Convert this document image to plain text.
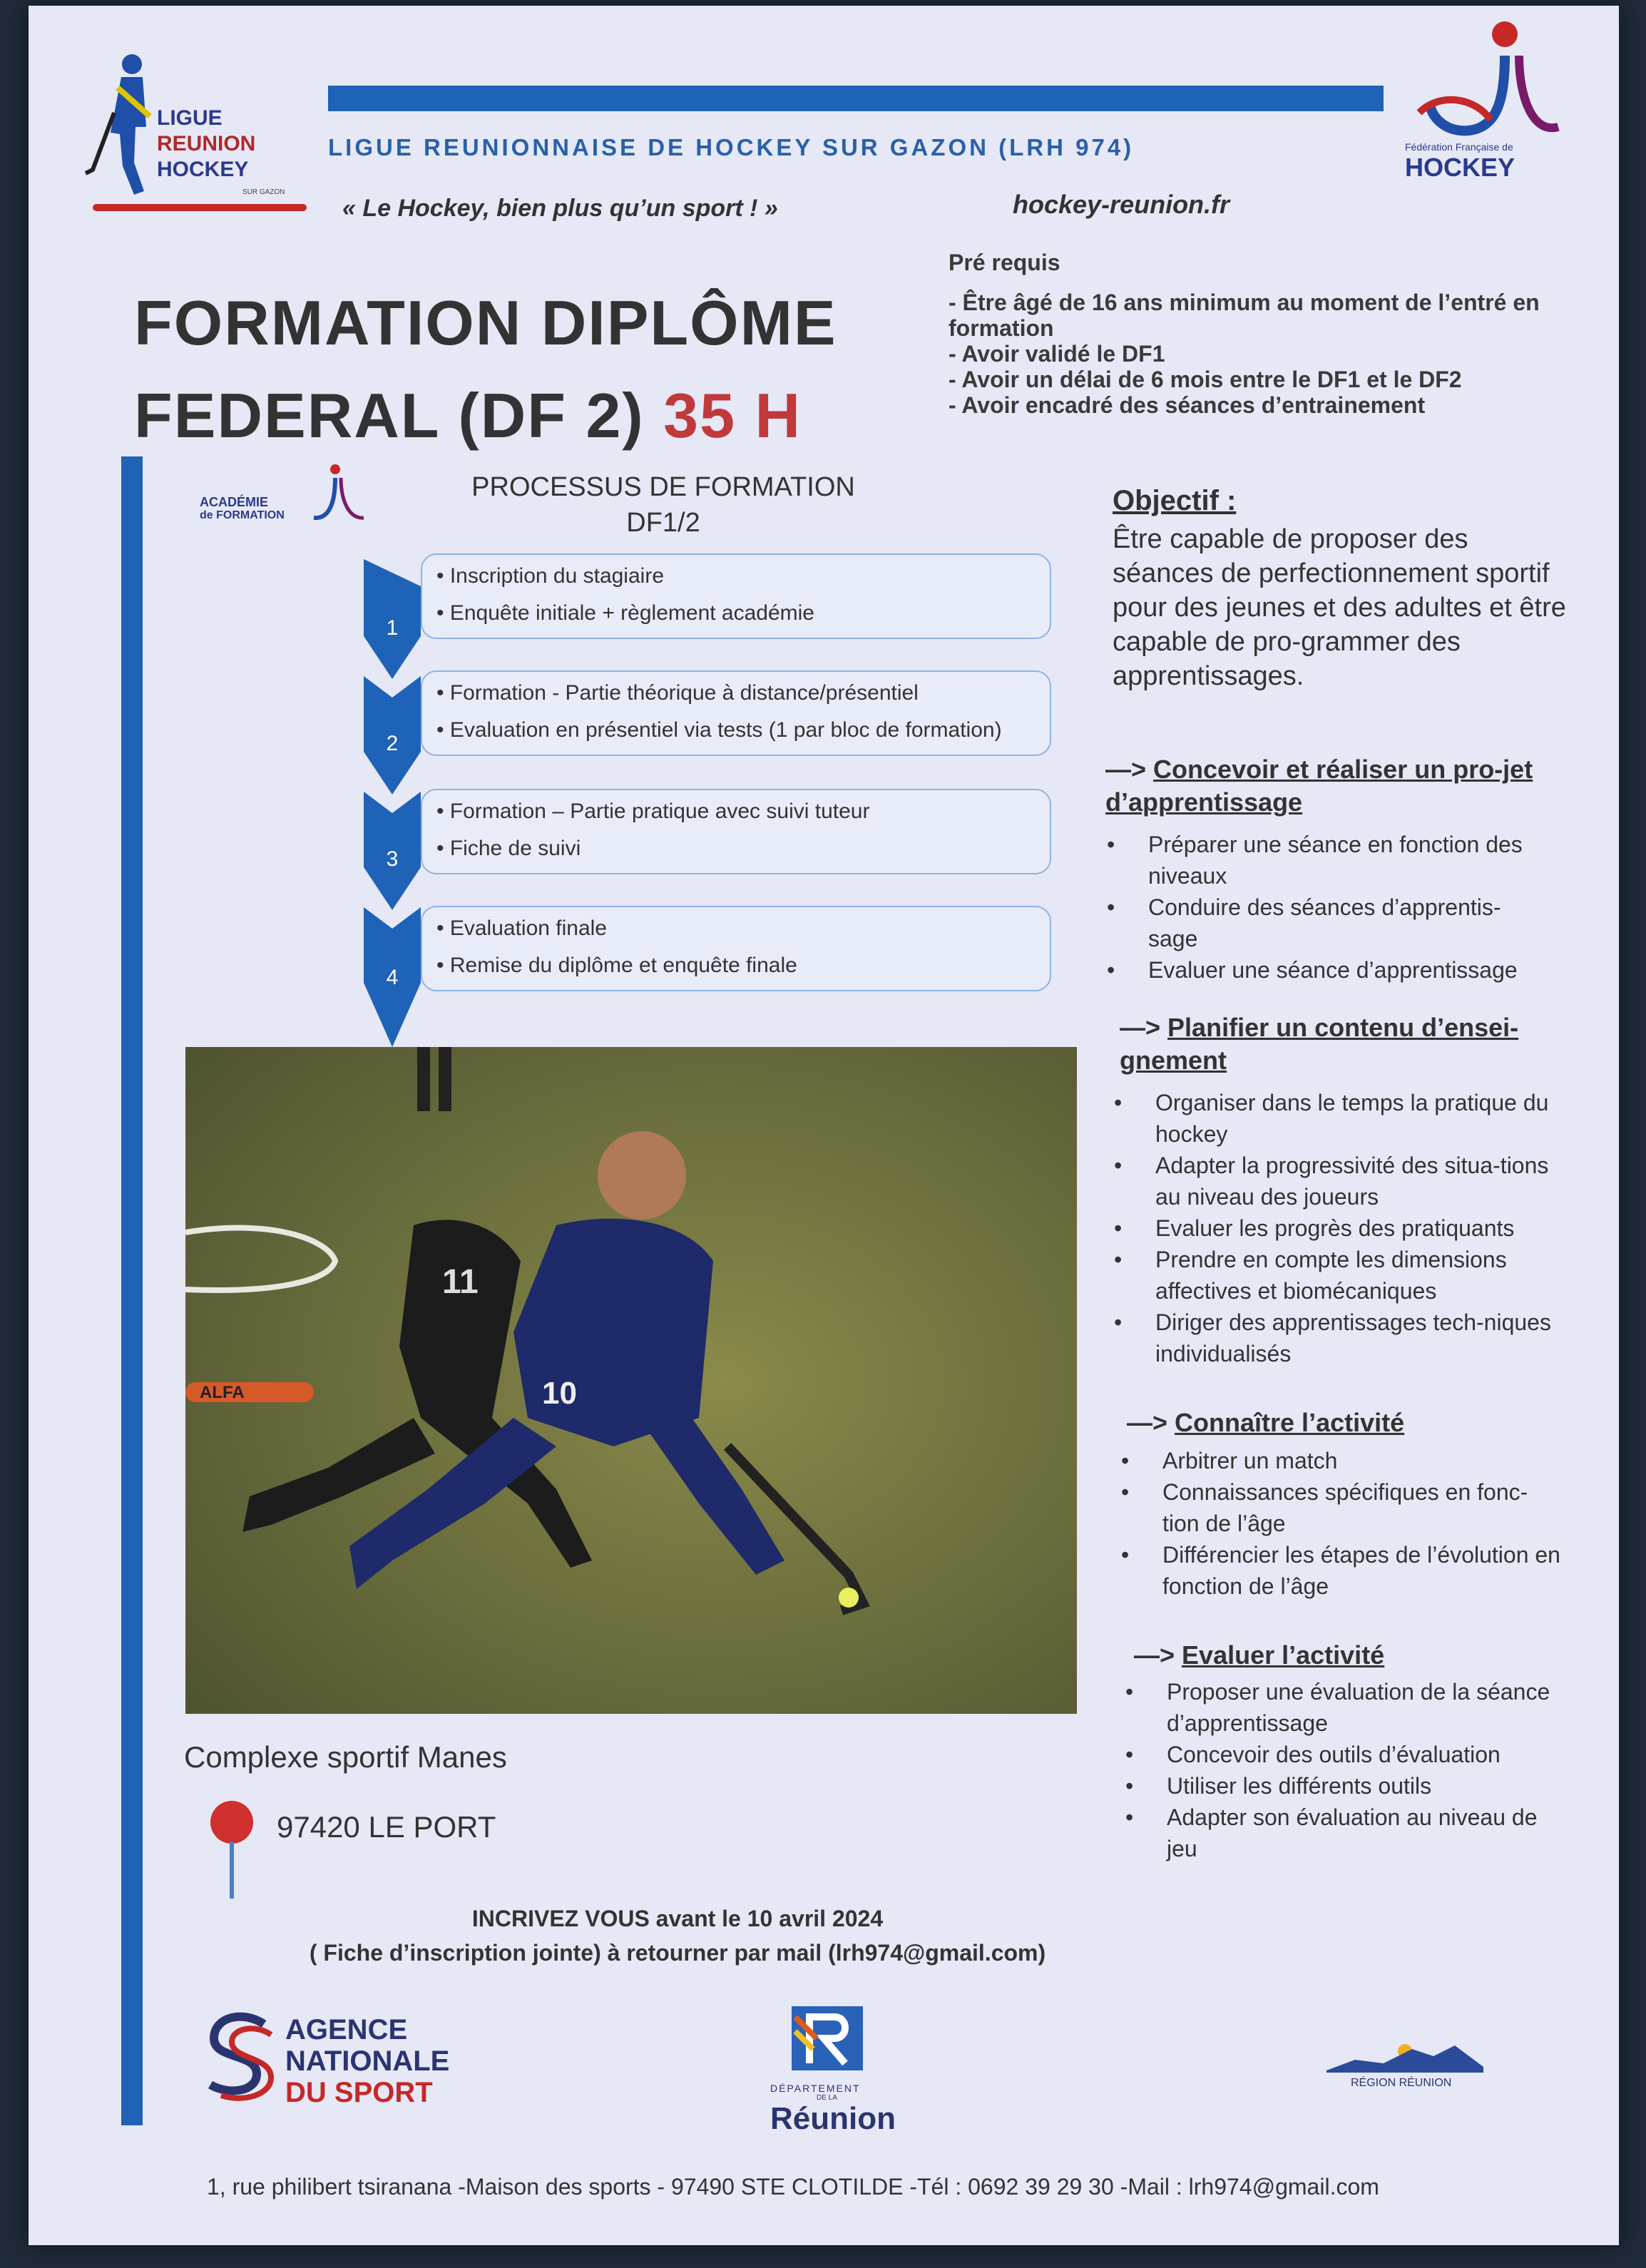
LIGUE
REUNION
HOCKEY
SUR GAZON
LIGUE REUNIONNAISE DE HOCKEY SUR GAZON (LRH 974)
« Le Hockey, bien plus qu’un sport ! »	hockey-reunion.fr
Fédération Française de
HOCKEY
FORMATION DIPLÔME
FEDERAL (DF 2) 35 H
Pré requis
- Être âgé de 16 ans minimum au moment de l’entré en formation
- Avoir validé le DF1
- Avoir un délai de 6 mois entre le DF1 et le DF2
- Avoir encadré des séances d’entrainement
ACADÉMIE
de FORMATION
PROCESSUS DE FORMATION
DF1/2
1
2
3
4
• Inscription du stagiaire
• Enquête initiale + règlement académie
• Formation - Partie théorique à distance/présentiel
• Evaluation en présentiel via tests (1 par bloc de formation)
• Formation – Partie pratique avec suivi tuteur
• Fiche de suivi
• Evaluation finale
• Remise du diplôme et enquête finale
ALFA
11
10
Complexe sportif Manes
97420 LE PORT
INCRIVEZ VOUS avant le 10 avril 2024
( Fiche d’inscription jointe) à retourner par mail (lrh974@gmail.com)
Objectif :
Être capable de proposer des séances de perfectionnement sportif pour des jeunes et des adultes et être capable de pro-grammer des apprentissages.
—> Concevoir et réaliser un pro-jet d’apprentissage
• Préparer une séance en fonction des niveaux
• Conduire des séances d’apprentis-sage
• Evaluer une séance d’apprentissage
—> Planifier un contenu d’ensei-gnement
• Organiser dans le temps la pratique du hockey
• Adapter la progressivité des situa-tions au niveau des joueurs
• Evaluer les progrès des pratiquants
• Prendre en compte les dimensions affectives et biomécaniques
• Diriger des apprentissages tech-niques individualisés
—> Connaître l’activité
• Arbitrer un match
• Connaissances spécifiques en fonc-tion de l’âge
• Différencier les étapes de l’évolution en fonction de l’âge
—> Evaluer l’activité
• Proposer une évaluation de la séance d’apprentissage
• Concevoir des outils d’évaluation
• Utiliser les différents outils
• Adapter son évaluation au niveau de jeu
AGENCE
NATIONALE
DU SPORT	DÉPARTEMENT
DE LA
Réunion
RÉGION RÉUNION
1, rue philibert tsiranana -Maison des sports - 97490 STE CLOTILDE -Tél : 0692 39 29 30 -Mail : lrh974@gmail.com
